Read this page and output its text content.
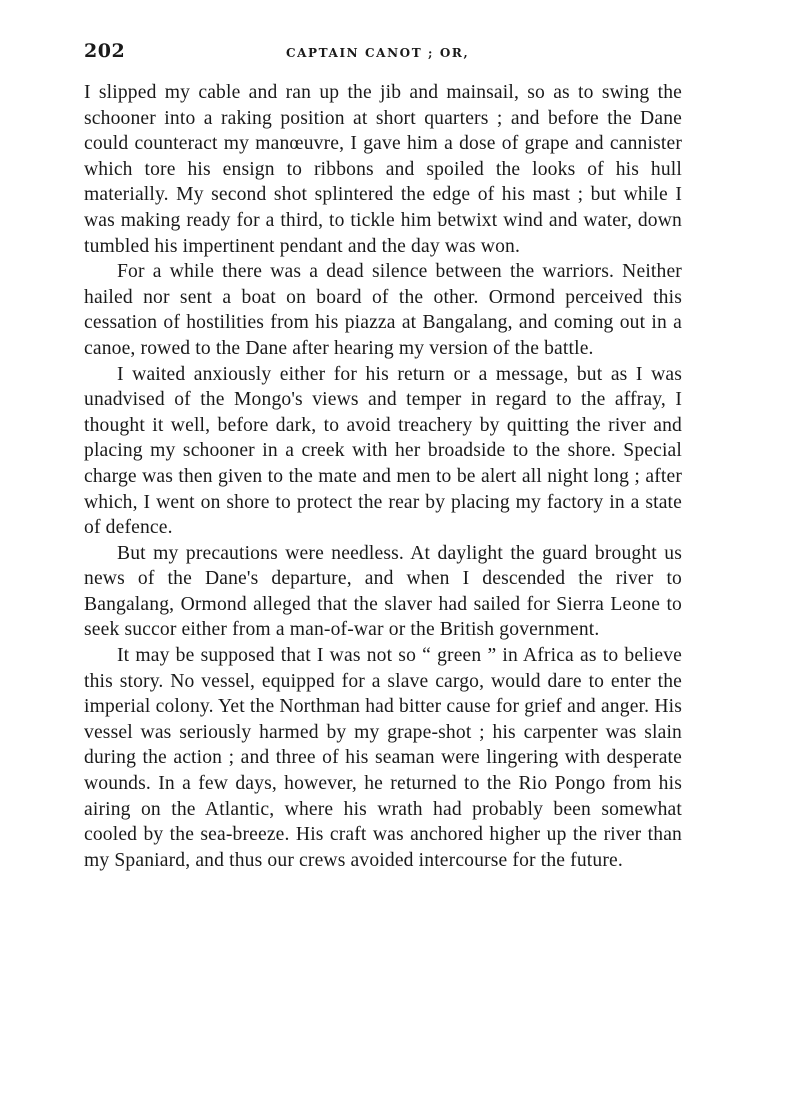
202	CAPTAIN CANOT ; OR,

I slipped my cable and ran up the jib and mainsail, so as to swing the schooner into a raking position at short quarters ; and before the Dane could counteract my manœuvre, I gave him a dose of grape and cannister which tore his ensign to ribbons and spoiled the looks of his hull materially. My second shot splintered the edge of his mast ; but while I was making ready for a third, to tickle him betwixt wind and water, down tumbled his impertinent pendant and the day was won.

For a while there was a dead silence between the warriors. Neither hailed nor sent a boat on board of the other. Ormond perceived this cessation of hostilities from his piazza at Bangalang, and coming out in a canoe, rowed to the Dane after hearing my version of the battle.

I waited anxiously either for his return or a message, but as I was unadvised of the Mongo's views and temper in regard to the affray, I thought it well, before dark, to avoid treachery by quitting the river and placing my schooner in a creek with her broadside to the shore. Special charge was then given to the mate and men to be alert all night long ; after which, I went on shore to protect the rear by placing my factory in a state of defence.

But my precautions were needless. At daylight the guard brought us news of the Dane's departure, and when I descended the river to Bangalang, Ormond alleged that the slaver had sailed for Sierra Leone to seek succor either from a man-of-war or the British government.

It may be supposed that I was not so “ green ” in Africa as to believe this story. No vessel, equipped for a slave cargo, would dare to enter the imperial colony. Yet the Northman had bitter cause for grief and anger. His vessel was seriously harmed by my grape-shot ; his carpenter was slain during the action ; and three of his seaman were lingering with desperate wounds. In a few days, however, he returned to the Rio Pongo from his airing on the Atlantic, where his wrath had probably been somewhat cooled by the sea-breeze. His craft was anchored higher up the river than my Spaniard, and thus our crews avoided intercourse for the future.
